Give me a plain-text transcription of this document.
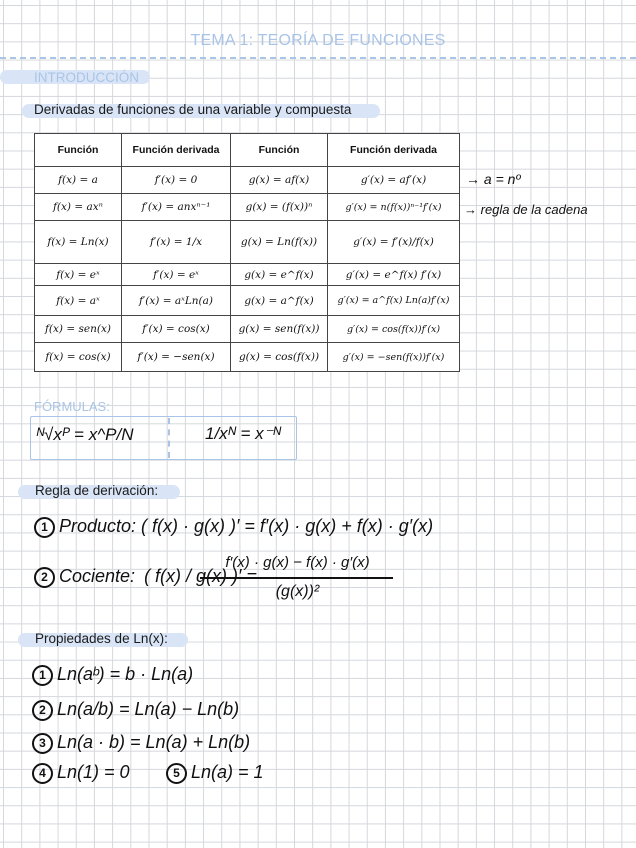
TEMA 1: TEORÍA DE FUNCIONES
INTRODUCCIÓN
Derivadas de funciones de una variable y compuesta
Función	Función derivada	Función	Función derivada
f(x) = a	f′(x) = 0	g(x) = af(x)	g′(x) = af′(x)
f(x) = axⁿ	f′(x) = anxⁿ⁻¹	g(x) = (f(x))ⁿ	g′(x) = n(f(x))ⁿ⁻¹f′(x)
f(x) = Ln(x)	f′(x) = 1/x	g(x) = Ln(f(x))	g′(x) = f′(x)/f(x)
f(x) = eˣ	f′(x) = eˣ	g(x) = e^f(x)	g′(x) = e^f(x) f′(x)
f(x) = aˣ	f′(x) = aˣLn(a)	g(x) = a^f(x)	g′(x) = a^f(x) Ln(a)f′(x)
f(x) = sen(x)	f′(x) = cos(x)	g(x) = sen(f(x))	g′(x) = cos(f(x))f′(x)
f(x) = cos(x)	f′(x) = −sen(x)	g(x) = cos(f(x))	g′(x) = −sen(f(x))f′(x)
→ a = nº
→ regla de la cadena
FÓRMULAS:
ᴺ√xᴾ = x^P/N	1/xᴺ = x⁻ᴺ
Regla de derivación:
1 Producto: ( f(x) · g(x) )′ = f′(x) · g(x) + f(x) · g′(x)
2 Cociente: ( f(x) / g(x) )′ =
f′(x) · g(x) − f(x) · g′(x)
(g(x))²
Propiedades de Ln(x):
1 Ln(aᵇ) = b · Ln(a)
2 Ln(a/b) = Ln(a) − Ln(b)
3 Ln(a · b) = Ln(a) + Ln(b)
4 Ln(1) = 0	5 Ln(a) = 1
